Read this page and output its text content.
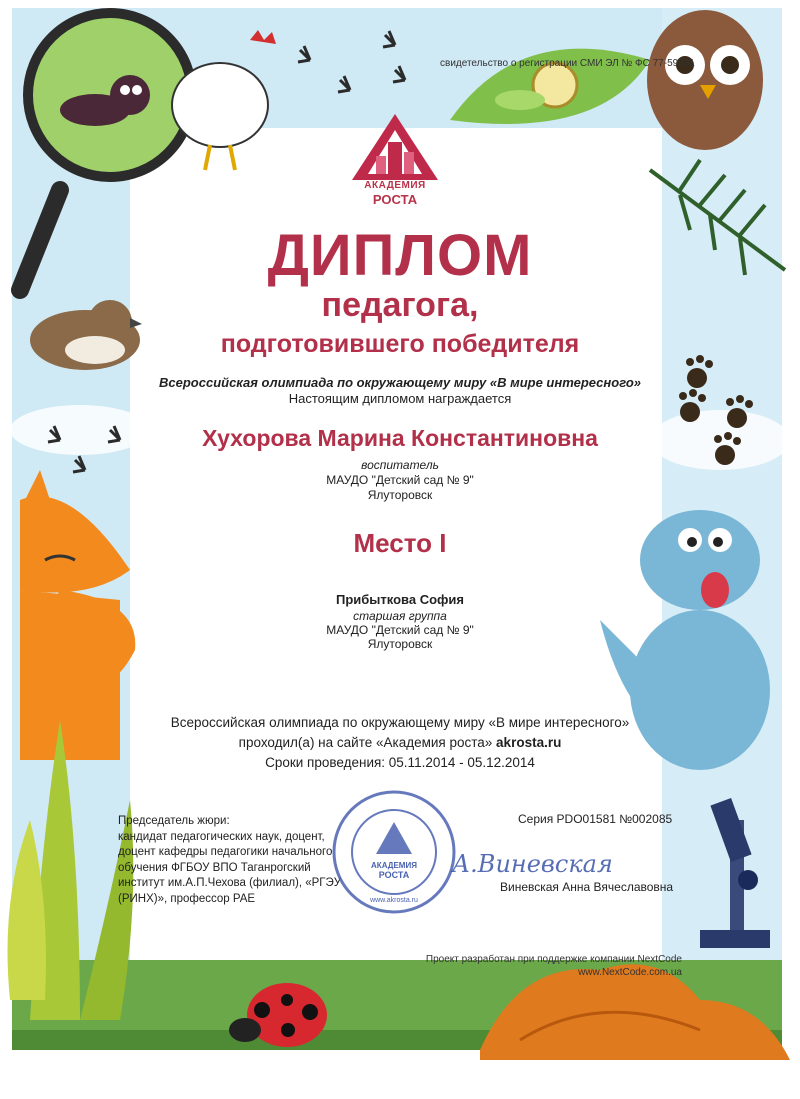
свидетельство о регистрации СМИ ЭЛ № ФС 77-59831
АКАДЕМИЯ
РОСТА
ДИПЛОМ
педагога,
подготовившего победителя
Всероссийская олимпиада по окружающему миру «В мире интересного»
Настоящим дипломом награждается
Хухорова Марина Константиновна
воспитатель
МАУДО "Детский сад № 9"
Ялуторовск
Место I
Прибыткова София
старшая группа
МАУДО "Детский сад № 9"
Ялуторовск
Всероссийская олимпиада по окружающему миру «В мире интересного»
проходил(а) на сайте «Академия роста» akrosta.ru
Сроки проведения: 05.11.2014 - 05.12.2014
Председатель жюри:
кандидат педагогических наук, доцент,
доцент кафедры педагогики начального
обучения ФГБОУ ВПО Таганрогский
институт им.А.П.Чехова (филиал), «РГЭУ
(РИНХ)», профессор РАЕ
Серия PDO01581 №002085
АКАДЕМИЯ
РОСТА
www.akrosta.ru
А.Виневская
Виневская Анна Вячеславовна
Проект разработан при поддержке компании NextCode
www.NextCode.com.ua
